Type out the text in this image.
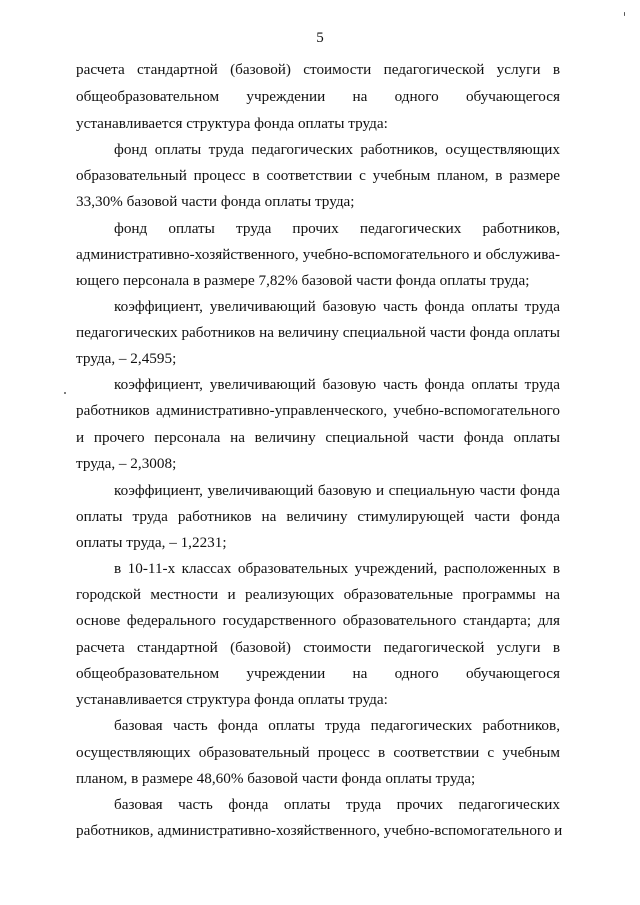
5
расчета стандартной (базовой) стоимости педагогической услуги в
общеобразовательном учреждении на одного обучающегося
устанавливается структура фонда оплаты труда:
фонд оплаты труда педагогических работников, осуществляющих
образовательный процесс в соответствии с учебным планом, в размере
33,30% базовой части фонда оплаты труда;
фонд оплаты труда прочих педагогических работников,
административно-хозяйственного, учебно-вспомогательного и обслужива-
ющего персонала в размере 7,82% базовой части фонда оплаты труда;
коэффициент, увеличивающий базовую часть фонда оплаты труда
педагогических работников на величину специальной части фонда оплаты
труда, – 2,4595;
коэффициент, увеличивающий базовую часть фонда оплаты труда
работников административно-управленческого, учебно-вспомогательного
и прочего персонала на величину специальной части фонда оплаты
труда, – 2,3008;
коэффициент, увеличивающий базовую и специальную части фонда
оплаты труда работников на величину стимулирующей части фонда
оплаты труда, – 1,2231;
в 10-11-х классах образовательных учреждений, расположенных в
городской местности и реализующих образовательные программы на
основе федерального государственного образовательного стандарта; для
расчета стандартной (базовой) стоимости педагогической услуги в
общеобразовательном учреждении на одного обучающегося
устанавливается структура фонда оплаты труда:
базовая часть фонда оплаты труда педагогических работников,
осуществляющих образовательный процесс в соответствии с учебным
планом, в размере 48,60% базовой части фонда оплаты труда;
базовая часть фонда оплаты труда прочих педагогических
работников, административно-хозяйственного, учебно-вспомогательного и
